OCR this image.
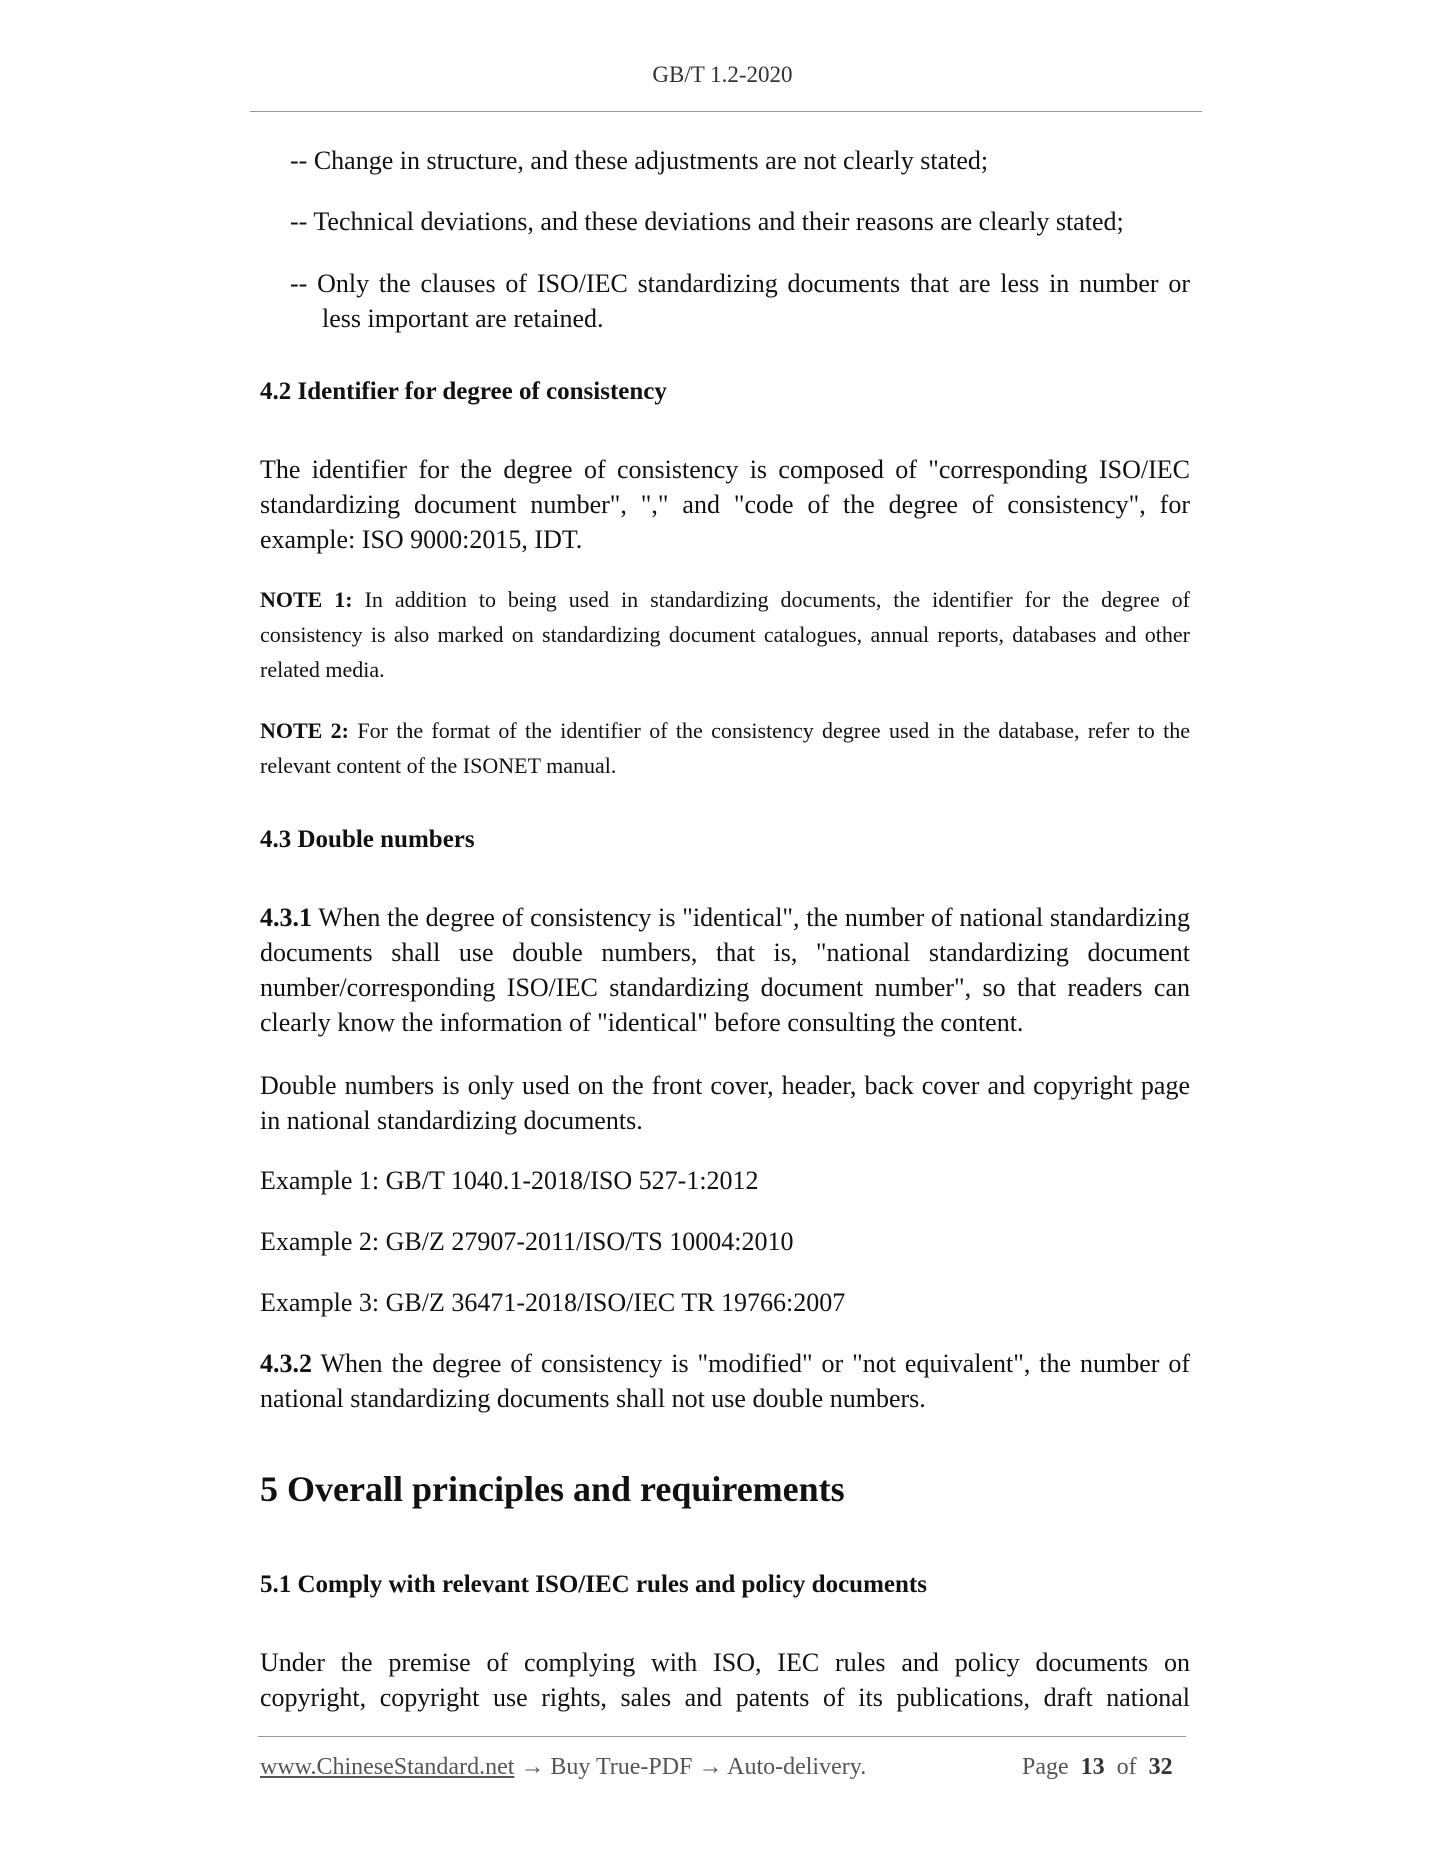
GB/T 1.2-2020
-- Change in structure, and these adjustments are not clearly stated;
-- Technical deviations, and these deviations and their reasons are clearly stated;
-- Only the clauses of ISO/IEC standardizing documents that are less in number or less important are retained.
4.2 Identifier for degree of consistency
The identifier for the degree of consistency is composed of "corresponding ISO/IEC standardizing document number", "," and "code of the degree of consistency", for example: ISO 9000:2015, IDT.
NOTE 1: In addition to being used in standardizing documents, the identifier for the degree of consistency is also marked on standardizing document catalogues, annual reports, databases and other related media.
NOTE 2: For the format of the identifier of the consistency degree used in the database, refer to the relevant content of the ISONET manual.
4.3 Double numbers
4.3.1 When the degree of consistency is "identical", the number of national standardizing documents shall use double numbers, that is, "national standardizing document number/corresponding ISO/IEC standardizing document number", so that readers can clearly know the information of "identical" before consulting the content.
Double numbers is only used on the front cover, header, back cover and copyright page in national standardizing documents.
Example 1: GB/T 1040.1-2018/ISO 527-1:2012
Example 2: GB/Z 27907-2011/ISO/TS 10004:2010
Example 3: GB/Z 36471-2018/ISO/IEC TR 19766:2007
4.3.2 When the degree of consistency is "modified" or "not equivalent", the number of national standardizing documents shall not use double numbers.
5 Overall principles and requirements
5.1 Comply with relevant ISO/IEC rules and policy documents
Under the premise of complying with ISO, IEC rules and policy documents on copyright, copyright use rights, sales and patents of its publications, draft national
www.ChineseStandard.net → Buy True-PDF → Auto-delivery.	Page 13 of 32
